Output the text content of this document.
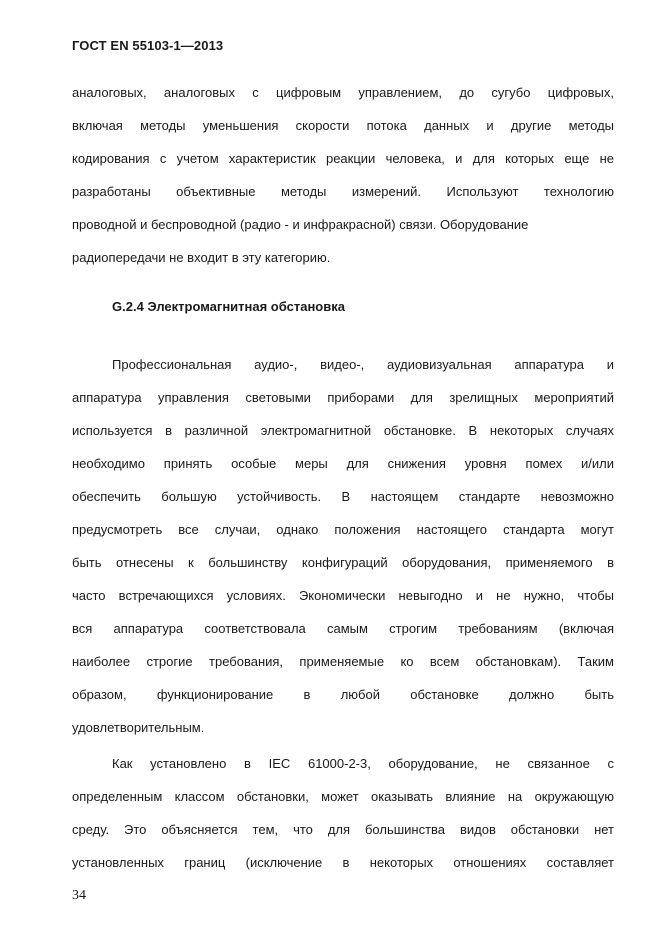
ГОСТ EN 55103-1—2013
аналоговых, аналоговых с цифровым управлением, до сугубо цифровых,
включая методы уменьшения скорости потока данных и другие методы
кодирования с учетом характеристик реакции человека, и для которых еще не
разработаны объективные методы измерений. Используют технологию
проводной и беспроводной (радио - и инфракрасной) связи. Оборудование
радиопередачи не входит в эту категорию.
G.2.4 Электромагнитная обстановка
Профессиональная аудио-, видео-, аудиовизуальная аппаратура и
аппаратура управления световыми приборами для зрелищных мероприятий
используется в различной электромагнитной обстановке. В некоторых случаях
необходимо принять особые меры для снижения уровня помех и/или
обеспечить большую устойчивость. В настоящем стандарте невозможно
предусмотреть все случаи, однако положения настоящего стандарта могут
быть отнесены к большинству конфигураций оборудования, применяемого в
часто встречающихся условиях. Экономически невыгодно и не нужно, чтобы
вся аппаратура соответствовала самым строгим требованиям (включая
наиболее строгие требования, применяемые ко всем обстановкам). Таким
образом, функционирование в любой обстановке должно быть
удовлетворительным.
Как установлено в IEC 61000-2-3, оборудование, не связанное с
определенным классом обстановки, может оказывать влияние на окружающую
среду. Это объясняется тем, что для большинства видов обстановки нет
установленных границ (исключение в некоторых отношениях составляет
34
